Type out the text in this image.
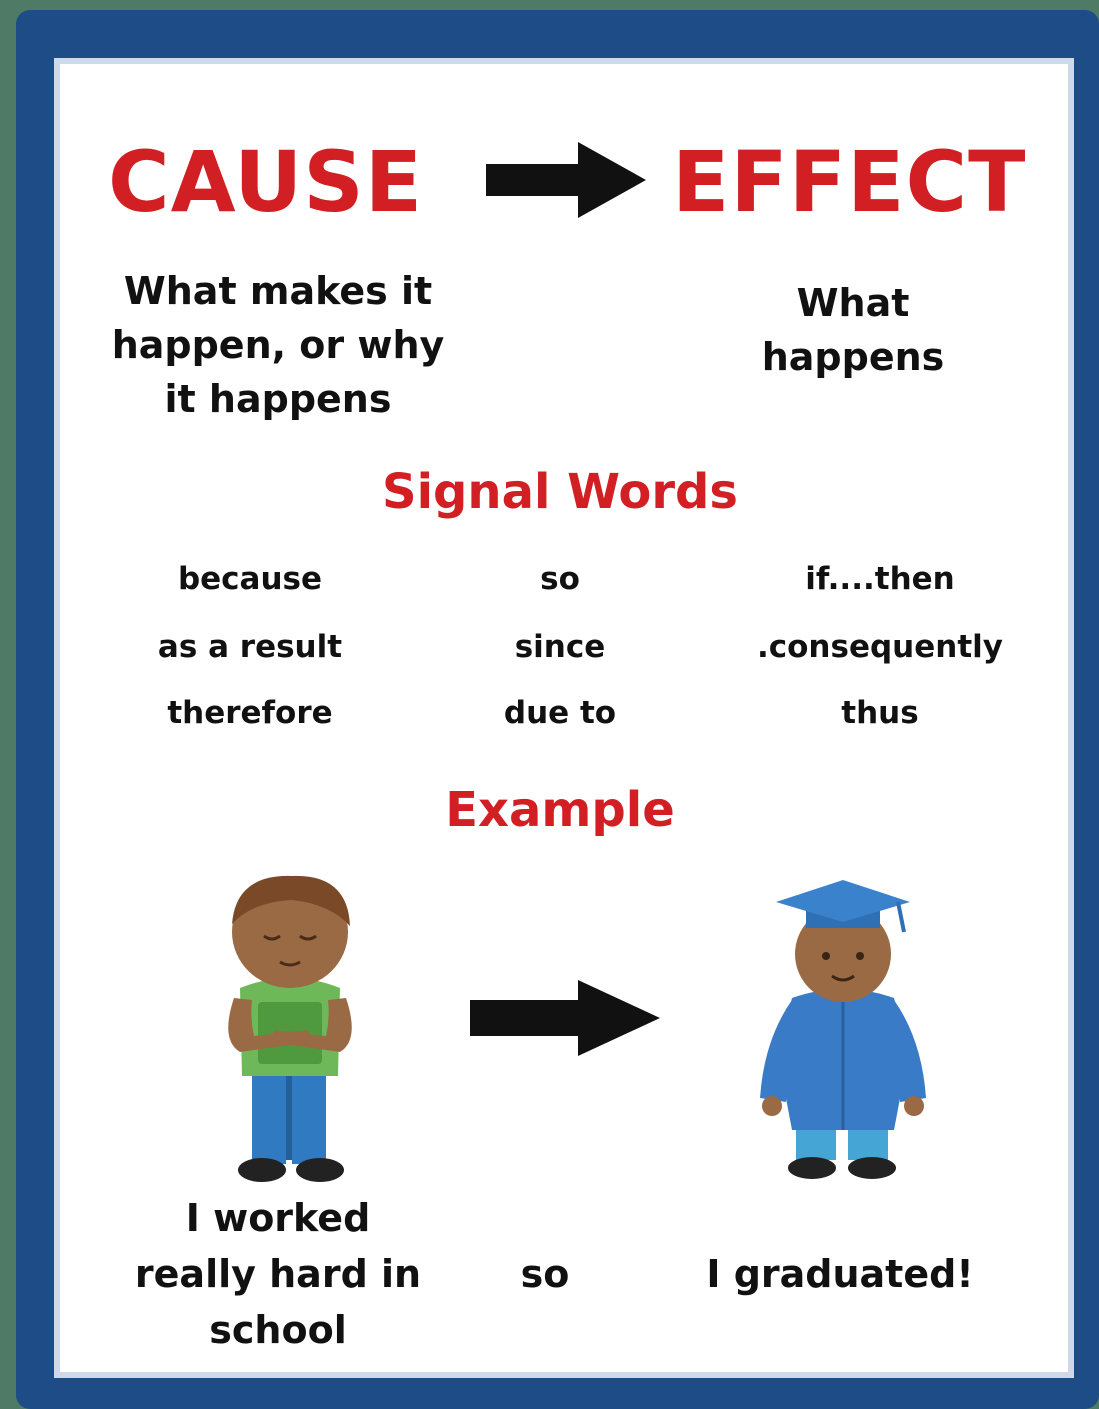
CAUSE	EFFECT
What makes it happen, or why it happens
What happens
Signal Words
because	so	if....then
as a result	since	.consequently
therefore	due to	thus
Example
I worked really hard in school
so	I graduated!
